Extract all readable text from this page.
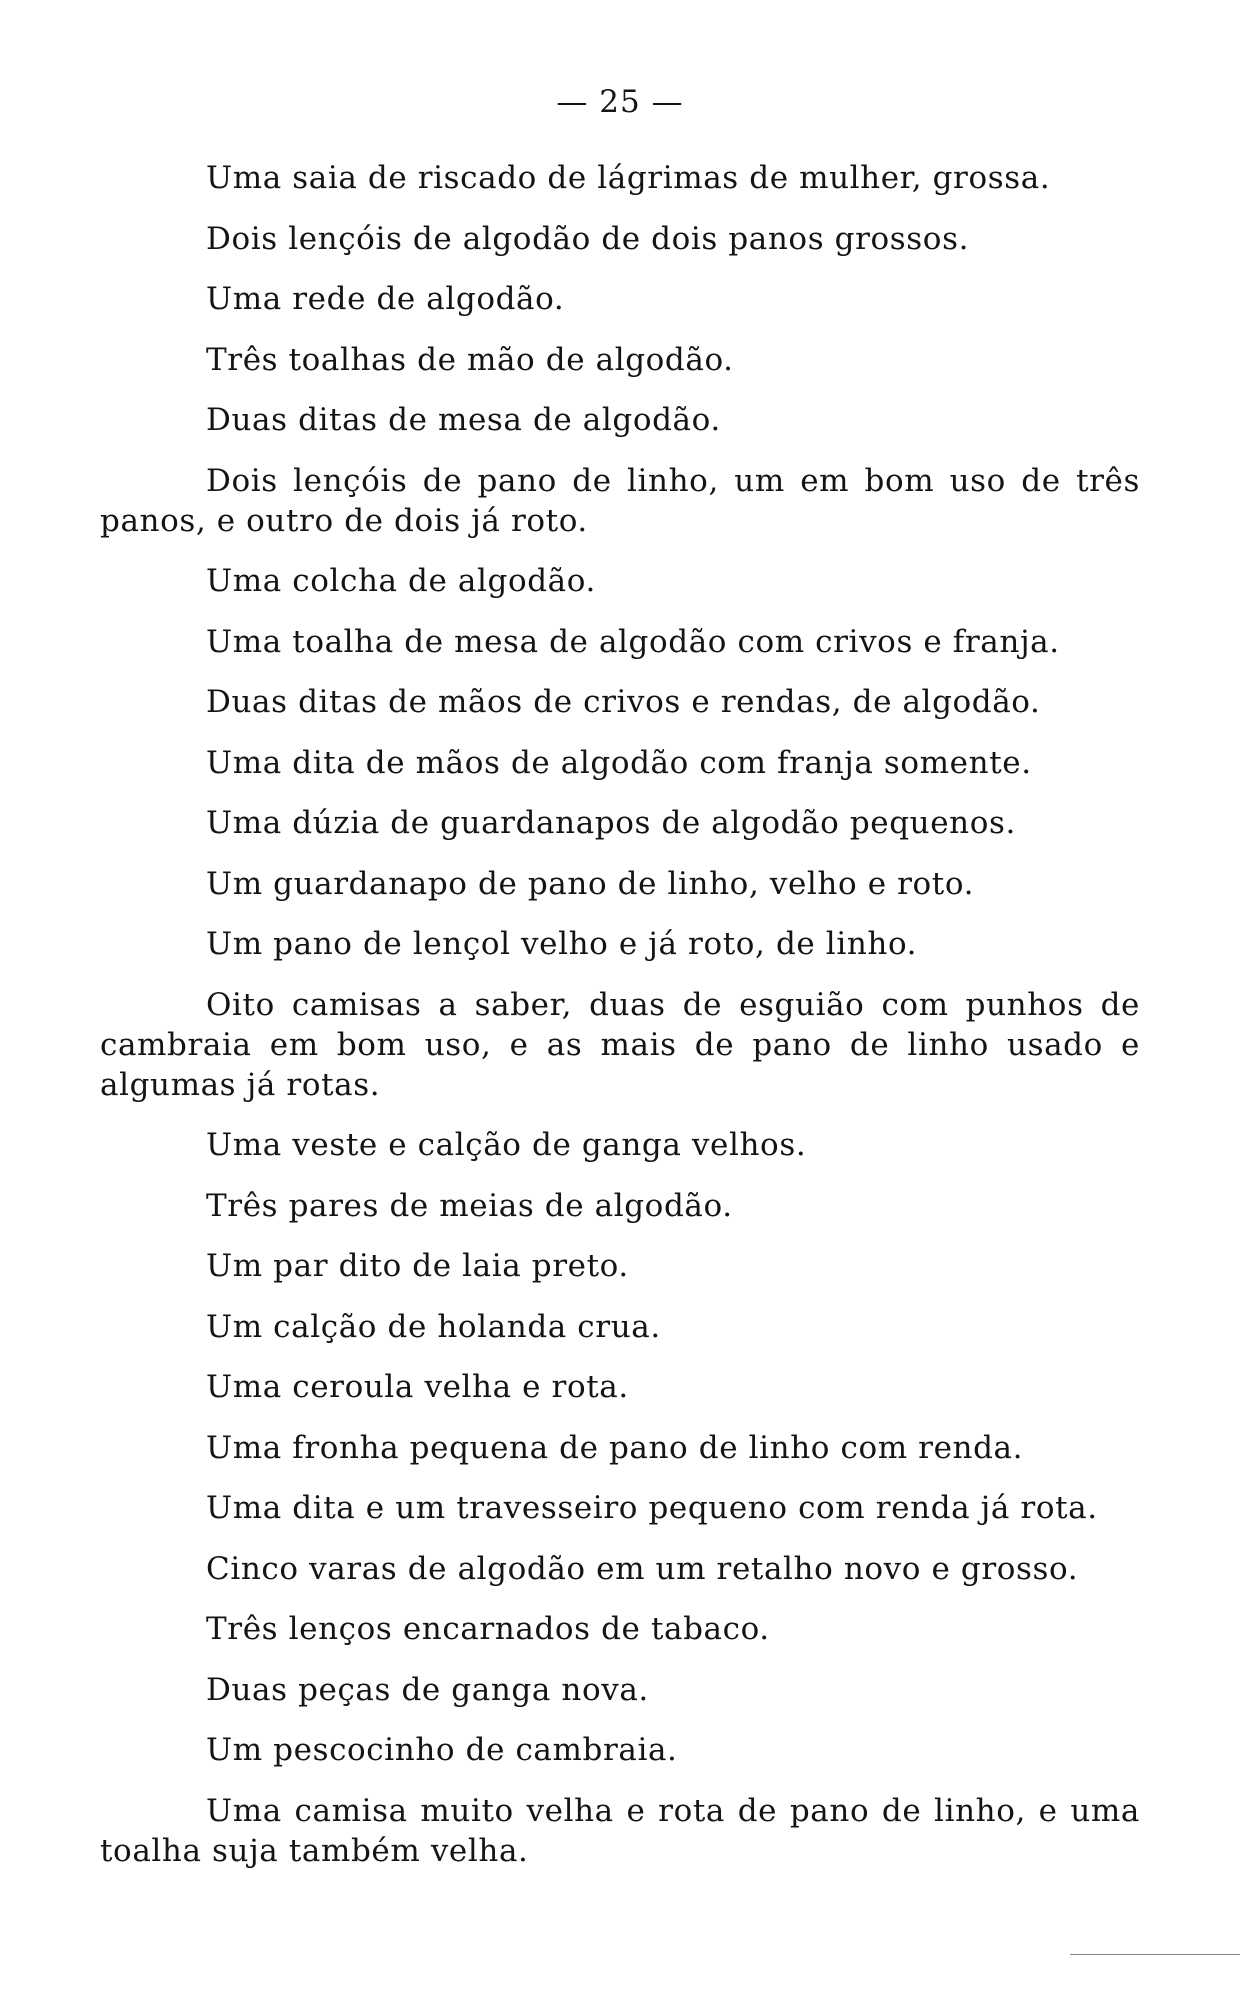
— 25 —

Uma saia de riscado de lágrimas de mulher, grossa.

Dois lençóis de algodão de dois panos grossos.

Uma rede de algodão.

Três toalhas de mão de algodão.

Duas ditas de mesa de algodão.

Dois lençóis de pano de linho, um em bom uso de três panos, e outro de dois já roto.

Uma colcha de algodão.

Uma toalha de mesa de algodão com crivos e franja.

Duas ditas de mãos de crivos e rendas, de algodão.

Uma dita de mãos de algodão com franja somente.

Uma dúzia de guardanapos de algodão pequenos.

Um guardanapo de pano de linho, velho e roto.

Um pano de lençol velho e já roto, de linho.

Oito camisas a saber, duas de esguião com punhos de cambraia em bom uso, e as mais de pano de linho usado e algumas já rotas.

Uma veste e calção de ganga velhos.

Três pares de meias de algodão.

Um par dito de laia preto.

Um calção de holanda crua.

Uma ceroula velha e rota.

Uma fronha pequena de pano de linho com renda.

Uma dita e um travesseiro pequeno com renda já rota.

Cinco varas de algodão em um retalho novo e grosso.

Três lenços encarnados de tabaco.

Duas peças de ganga nova.

Um pescocinho de cambraia.

Uma camisa muito velha e rota de pano de linho, e uma toalha suja também velha.
